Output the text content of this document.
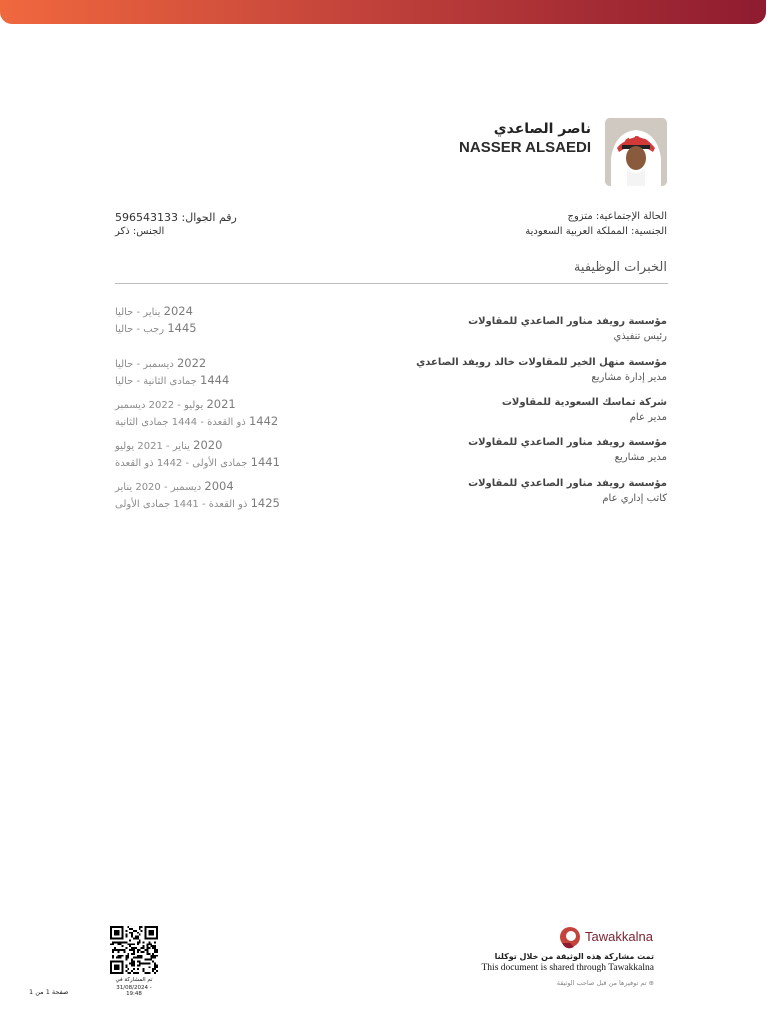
ناصر الصاعدي
NASSER ALSAEDI
الحالة الإجتماعية: متزوج
الجنسية: المملكة العربية السعودية
رقم الجوال: 596543133
الجنس: ذكر
الخبرات الوظيفية
مؤسسة رويفد مناور الصاعدي للمقاولات
رئيس تنفيذي
2024 يناير - حاليا
1445 رجب - حاليا
مؤسسة منهل الخير للمقاولات خالد رويفد الصاعدي
مدير إدارة مشاريع
2022 ديسمبر - حاليا
1444 جمادى الثانية - حاليا
شركة تماسك السعودية للمقاولات
مدير عام
2021 يوليو - 2022 ديسمبر
1442 ذو القعدة - 1444 جمادى الثانية
مؤسسة رويفد مناور الصاعدي للمقاولات
مدير مشاريع
2020 يناير - 2021 يوليو
1441 جمادى الأولى - 1442 ذو القعدة
مؤسسة رويفد مناور الصاعدي للمقاولات
كاتب إداري عام
2004 ديسمبر - 2020 يناير
1425 ذو القعدة - 1441 جمادى الأولى
Tawakkalna
تمت مشاركة هذه الوثيقة من خلال توكلنا
This document is shared through Tawakkalna
⊕ تم توفيرها من قبل صاحب الوثيقة
تم المشاركة في
31/08/2024 - 19:48
صفحة 1 من 1
